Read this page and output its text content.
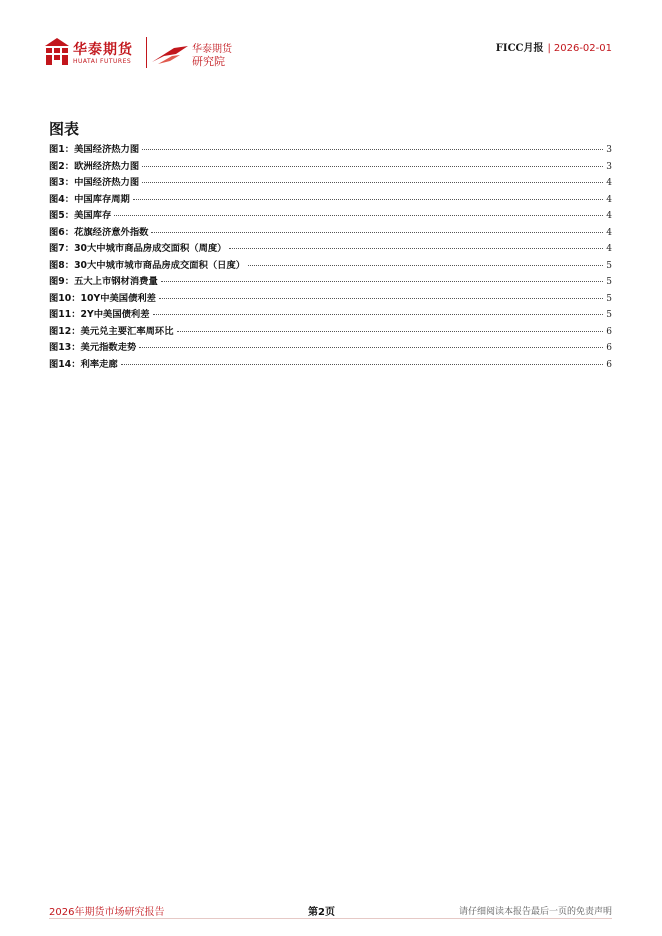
华泰期货
HUATAI FUTURES
华泰期货
研究院
FICC月报 | 2026-02-01
图表
图1：美国经济热力图	3
图2：欧洲经济热力图	3
图3：中国经济热力图	4
图4：中国库存周期	4
图5：美国库存	4
图6：花旗经济意外指数	4
图7：30大中城市商品房成交面积（周度）	4
图8：30大中城市城市商品房成交面积（日度）	5
图9：五大上市钢材消费量	5
图10：10Y中美国债利差	5
图11：2Y中美国债利差	5
图12：美元兑主要汇率周环比	6
图13：美元指数走势	6
图14：利率走廊	6
2026年期货市场研究报告	第2页	请仔细阅读本报告最后一页的免责声明
